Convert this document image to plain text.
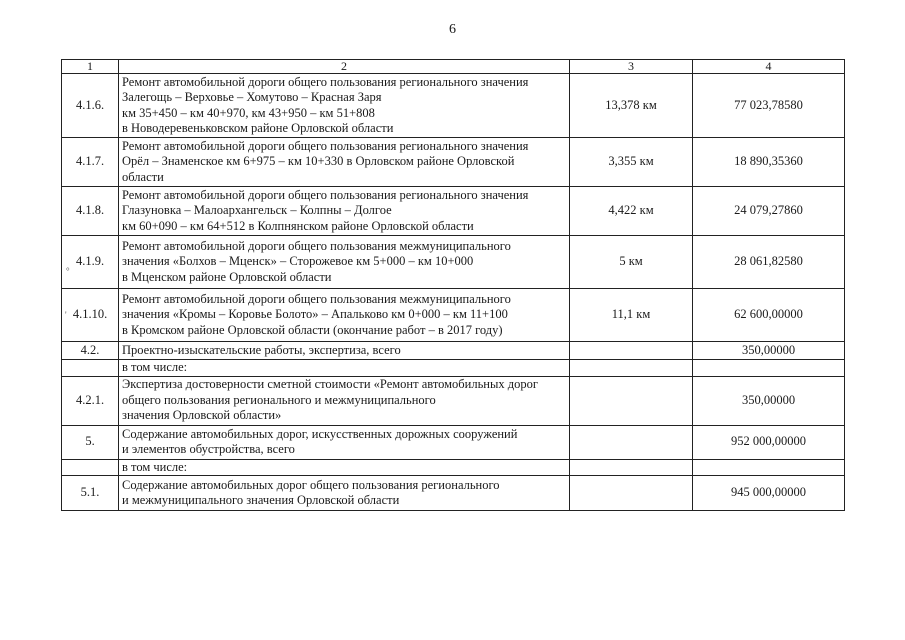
6
°
'
1	2	3	4
4.1.6.	Ремонт автомобильной дороги общего пользования регионального значения
Залегощь – Верховье – Хомутово – Красная Заря
км 35+450 – км 40+970, км 43+950 – км 51+808
в Новодеревеньковском районе Орловской области	13,378 км	77 023,78580
4.1.7.	Ремонт автомобильной дороги общего пользования регионального значения
Орёл – Знаменское км 6+975 – км 10+330 в Орловском районе Орловской
области	3,355 км	18 890,35360
4.1.8.	Ремонт автомобильной дороги общего пользования регионального значения
Глазуновка – Малоархангельск – Колпны – Долгое
км 60+090 – км 64+512 в Колпнянском районе Орловской области	4,422 км	24 079,27860
4.1.9.	Ремонт автомобильной дороги общего пользования межмуниципального
значения «Болхов – Мценск» – Сторожевое км 5+000 – км 10+000
в Мценском районе Орловской области	5 км	28 061,82580
4.1.10.	Ремонт автомобильной дороги общего пользования межмуниципального
значения «Кромы – Коровье Болото» – Апальково км 0+000 – км 11+100
в Кромском районе Орловской области (окончание работ – в 2017 году)	11,1 км	62 600,00000
4.2.	Проектно-изыскательские работы, экспертиза, всего		350,00000

	в том числе:		

4.2.1.	Экспертиза достоверности сметной стоимости «Ремонт автомобильных дорог
общего пользования регионального и межмуниципального
значения Орловской области»		350,00000
5.	Содержание автомобильных дорог, искусственных дорожных сооружений
и элементов обустройства, всего		952 000,00000

	в том числе:		

5.1.	Содержание автомобильных дорог общего пользования регионального
и межмуниципального значения Орловской области		945 000,00000
